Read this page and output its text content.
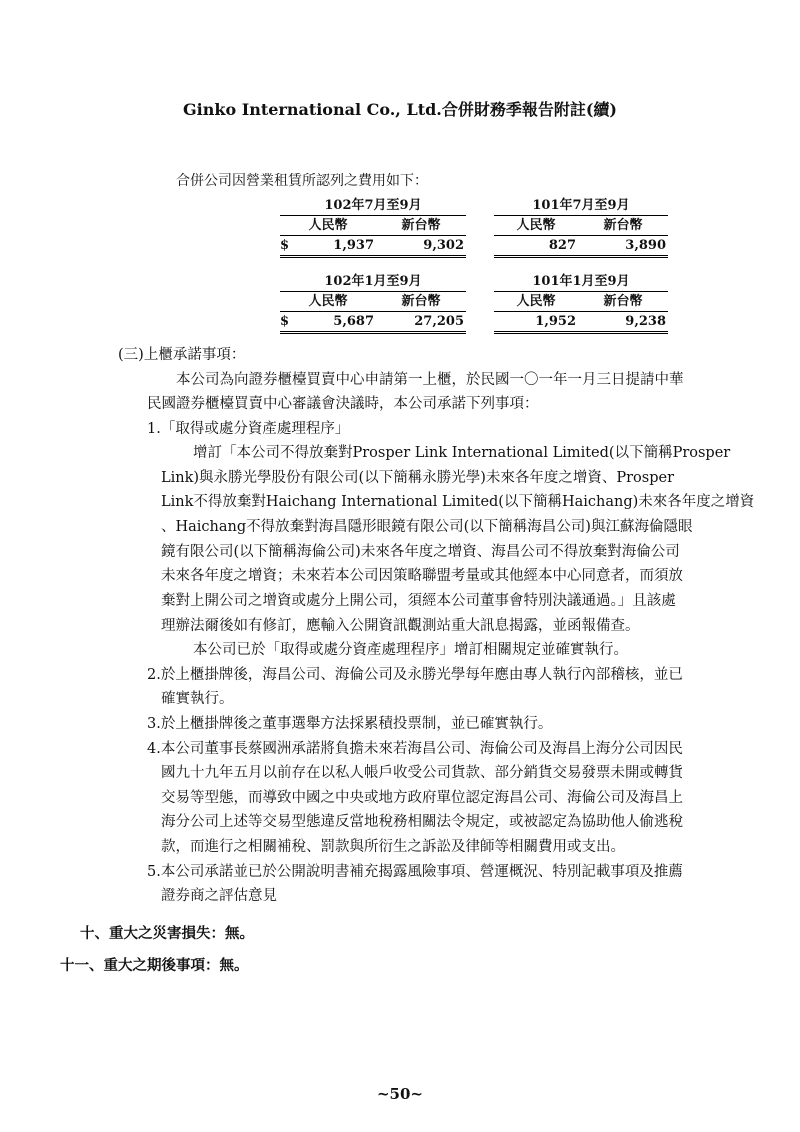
Ginko International Co., Ltd.合併財務季報告附註(續)
合併公司因營業租賃所認列之費用如下：
102年7月至9月				101年7月至9月	
人民幣		新台幣		人民幣	新台幣
$	1,937	9,302		827	3,890
102年1月至9月				101年1月至9月	
人民幣		新台幣		人民幣	新台幣
$	5,687	27,205		1,952	9,238
(三)上櫃承諾事項：
本公司為向證券櫃檯買賣中心申請第一上櫃，於民國一〇一年一月三日提請中華
民國證券櫃檯買賣中心審議會決議時，本公司承諾下列事項：
1.「取得或處分資產處理程序」
增訂「本公司不得放棄對Prosper Link International Limited(以下簡稱Prosper
Link)與永勝光學股份有限公司(以下簡稱永勝光學)未來各年度之增資、Prosper
Link不得放棄對Haichang International Limited(以下簡稱Haichang)未來各年度之增資
、Haichang不得放棄對海昌隱形眼鏡有限公司(以下簡稱海昌公司)與江蘇海倫隱眼
鏡有限公司(以下簡稱海倫公司)未來各年度之增資、海昌公司不得放棄對海倫公司
未來各年度之增資；未來若本公司因策略聯盟考量或其他經本中心同意者，而須放
棄對上開公司之增資或處分上開公司，須經本公司董事會特別決議通過。」且該處
理辦法爾後如有修訂，應輸入公開資訊觀測站重大訊息揭露，並函報備查。
本公司已於「取得或處分資產處理程序」增訂相關規定並確實執行。
2.於上櫃掛牌後，海昌公司、海倫公司及永勝光學每年應由專人執行內部稽核，並已
確實執行。
3.於上櫃掛牌後之董事選舉方法採累積投票制，並已確實執行。
4.本公司董事長蔡國洲承諾將負擔未來若海昌公司、海倫公司及海昌上海分公司因民
國九十九年五月以前存在以私人帳戶收受公司貨款、部分銷貨交易發票未開或轉貨
交易等型態，而導致中國之中央或地方政府單位認定海昌公司、海倫公司及海昌上
海分公司上述等交易型態違反當地稅務相關法令規定，或被認定為協助他人偷逃稅
款，而進行之相關補稅、罰款與所衍生之訴訟及律師等相關費用或支出。
5.本公司承諾並已於公開說明書補充揭露風險事項、營運概況、特別記載事項及推薦
證券商之評估意見
十、重大之災害損失：無。
十一、重大之期後事項：無。
~50~
